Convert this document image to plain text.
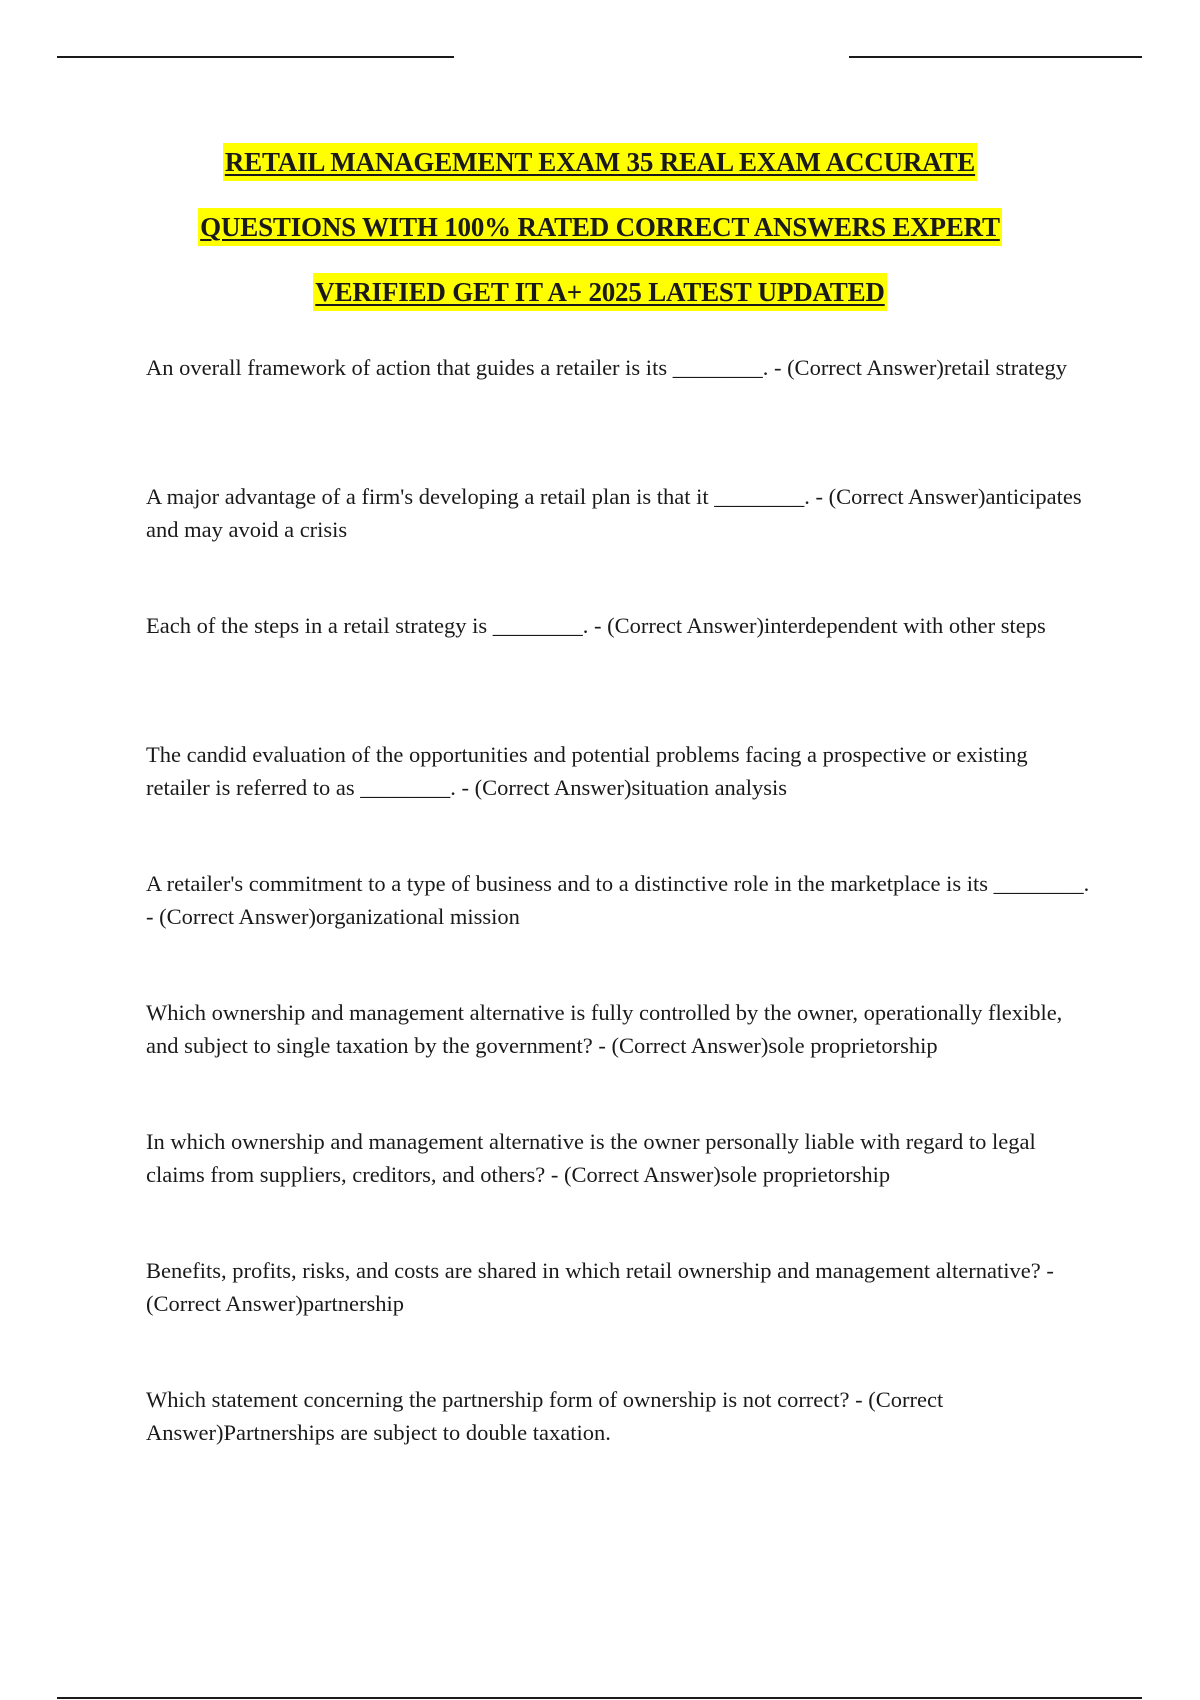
RETAIL MANAGEMENT EXAM 35 REAL EXAM ACCURATE
QUESTIONS WITH 100% RATED CORRECT ANSWERS EXPERT
VERIFIED GET IT A+ 2025 LATEST UPDATED
An overall framework of action that guides a retailer is its ________. - (Correct Answer)retail strategy
A major advantage of a firm's developing a retail plan is that it ________. - (Correct Answer)anticipates and may avoid a crisis
Each of the steps in a retail strategy is ________. - (Correct Answer)interdependent with other steps
The candid evaluation of the opportunities and potential problems facing a prospective or existing retailer is referred to as ________. - (Correct Answer)situation analysis
A retailer's commitment to a type of business and to a distinctive role in the marketplace is its ________. - (Correct Answer)organizational mission
Which ownership and management alternative is fully controlled by the owner, operationally flexible, and subject to single taxation by the government? - (Correct Answer)sole proprietorship
In which ownership and management alternative is the owner personally liable with regard to legal claims from suppliers, creditors, and others? - (Correct Answer)sole proprietorship
Benefits, profits, risks, and costs are shared in which retail ownership and management alternative? - (Correct Answer)partnership
Which statement concerning the partnership form of ownership is not correct? - (Correct Answer)Partnerships are subject to double taxation.
